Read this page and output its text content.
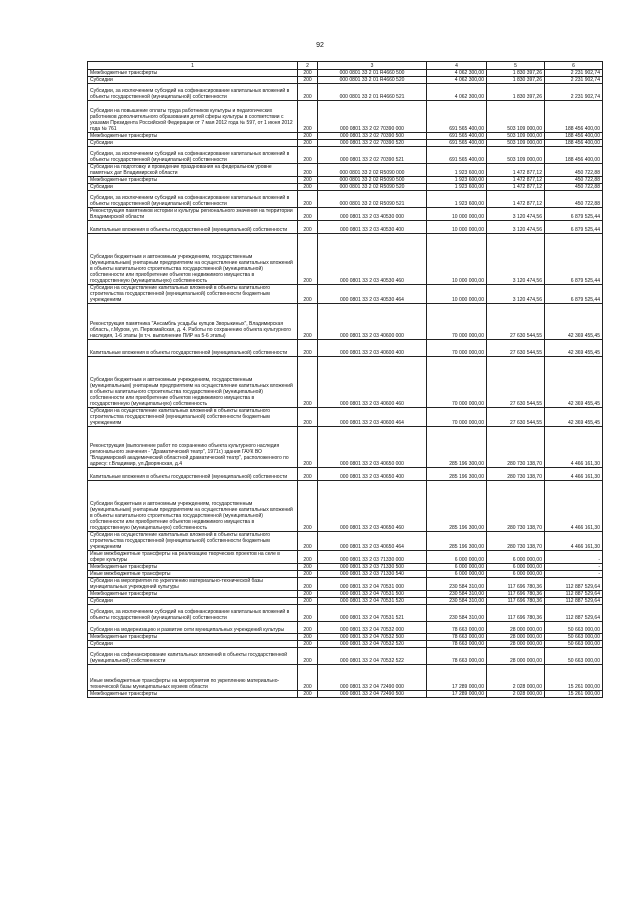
92
1	2	3	4	5	6
Межбюджетные трансферты	200	000 0801 33 2 01 R4660 500	4 062 300,00	1 830 397,26	2 231 902,74
Субсидии	200	000 0801 33 2 01 R4660 520	4 062 300,00	1 830 397,26	2 231 902,74
Субсидии, за исключением субсидий на софинансирование капитальных вложений в объекты государственной (муниципальной) собственности	200	000 0801 33 2 01 R4660 521	4 062 300,00	1 830 397,26	2 231 902,74
Субсидии на повышение оплаты труда работников культуры и педагогических работников дополнительного образования детей сферы культуры в соответствии с указами Президента Российской Федерации от 7 мая 2012 года № 597, от 1 июня 2012 года № 761	200	000 0801 33 2 02 70390 000	691 565 400,00	503 109 000,00	188 456 400,00
Межбюджетные трансферты	200	000 0801 33 2 02 70390 500	691 565 400,00	503 109 000,00	188 456 400,00
Субсидии	200	000 0801 33 2 02 70390 520	691 565 400,00	503 109 000,00	188 456 400,00
Субсидии, за исключением субсидий на софинансирование капитальных вложений в объекты государственной (муниципальной) собственности	200	000 0801 33 2 02 70390 521	691 565 400,00	503 109 000,00	188 456 400,00
Субсидии на подготовку и проведение празднования на федеральном уровне памятных дат Владимирской области	200	000 0801 33 2 02 R5090 000	1 923 600,00	1 472 877,12	450 722,88
Межбюджетные трансферты	200	000 0801 33 2 02 R5090 500	1 923 600,00	1 472 877,12	450 722,88
Субсидии	200	000 0801 33 2 02 R5090 520	1 923 600,00	1 472 877,12	450 722,88
Субсидии, за исключением субсидий на софинансирование капитальных вложений в объекты государственной (муниципальной) собственности	200	000 0801 33 2 02 R5090 521	1 923 600,00	1 472 877,12	450 722,88
Реконструкция памятников истории и культуры регионального значения на территории Владимирской области	200	000 0801 33 2 03 40530 000	10 000 000,00	3 120 474,56	6 879 525,44
Капитальные вложения в объекты государственной (муниципальной) собственности	200	000 0801 33 2 03 40530 400	10 000 000,00	3 120 474,56	6 879 525,44
Субсидии бюджетным и автономным учреждениям, государственным (муниципальным) унитарным предприятиям на осуществление капитальных вложений в объекты капитального строительства государственной (муниципальной) собственности или приобретение объектов недвижимого имущества в государственную (муниципальную) собственность	200	000 0801 33 2 03 40530 460	10 000 000,00	3 120 474,56	6 879 525,44
Субсидии на осуществление капитальных вложений в объекты капитального строительства государственной (муниципальной) собственности бюджетным учреждениям	200	000 0801 33 2 03 40530 464	10 000 000,00	3 120 474,56	6 879 525,44
Реконструкция памятника "Ансамбль усадьбы купцов Зворыкиных", Владимирская область, г.Муром, ул. Первомайская, д. 4. Работы по сохранению объекта культурного наследия, 1-6 этапы (в т.ч. выполнение ПИР на 5-6 этапы)	200	000 0801 33 2 03 40600 000	70 000 000,00	27 630 544,55	42 369 455,45
Капитальные вложения в объекты государственной (муниципальной) собственности	200	000 0801 33 2 03 40600 400	70 000 000,00	27 630 544,55	42 369 455,45
Субсидии бюджетным и автономным учреждениям, государственным (муниципальным) унитарным предприятиям на осуществление капитальных вложений в объекты капитального строительства государственной (муниципальной) собственности или приобретение объектов недвижимого имущества в государственную (муниципальную) собственность	200	000 0801 33 2 03 40600 460	70 000 000,00	27 630 544,55	42 369 455,45
Субсидии на осуществление капитальных вложений в объекты капитального строительства государственной (муниципальной) собственности бюджетным учреждениям	200	000 0801 33 2 03 40600 464	70 000 000,00	27 630 544,55	42 369 455,45
Реконструкция (выполнение работ по сохранению объекта культурного наследия регионального значения - "Драматический театр", 1971г.) здания ГАУК ВО "Владимирский академический областной драматический театр", расположенного по адресу: г.Владимир, ул.Дворянская, д.4	200	000 0801 33 2 03 40650 000	285 196 300,00	280 730 138,70	4 466 161,30
Капитальные вложения в объекты государственной (муниципальной) собственности	200	000 0801 33 2 03 40650 400	285 196 300,00	280 730 138,70	4 466 161,30
Субсидии бюджетным и автономным учреждениям, государственным (муниципальным) унитарным предприятиям на осуществление капитальных вложений в объекты капитального строительства государственной (муниципальной) собственности или приобретение объектов недвижимого имущества в государственную (муниципальную) собственность	200	000 0801 33 2 03 40650 460	285 196 300,00	280 730 138,70	4 466 161,30
Субсидии на осуществление капитальных вложений в объекты капитального строительства государственной (муниципальной) собственности бюджетным учреждениям	200	000 0801 33 2 03 40650 464	285 196 300,00	280 730 138,70	4 466 161,30
Иные межбюджетные трансферты на реализацию творческих проектов на селе в сфере культуры	200	000 0801 33 2 03 71330 000	6 000 000,00	6 000 000,00	-
Межбюджетные трансферты	200	000 0801 33 2 03 71330 500	6 000 000,00	6 000 000,00	-
Иные межбюджетные трансферты	200	000 0801 33 2 03 71330 540	6 000 000,00	6 000 000,00	-
Субсидии на мероприятия по укреплению материально-технической базы муниципальных учреждений культуры	200	000 0801 33 2 04 70531 000	230 584 310,00	117 696 780,36	112 887 529,64
Межбюджетные трансферты	200	000 0801 33 2 04 70531 500	230 584 310,00	117 696 780,36	112 887 529,64
Субсидии	200	000 0801 33 2 04 70531 520	230 584 310,00	117 696 780,36	112 887 529,64
Субсидии, за исключением субсидий на софинансирование капитальных вложений в объекты государственной (муниципальной) собственности	200	000 0801 33 2 04 70531 521	230 584 310,00	117 696 780,36	112 887 529,64
Субсидии на модернизацию и развитие сети муниципальных учреждений культуры	200	000 0801 33 2 04 70532 000	78 663 000,00	28 000 000,00	50 663 000,00
Межбюджетные трансферты	200	000 0801 33 2 04 70532 500	78 663 000,00	28 000 000,00	50 663 000,00
Субсидии	200	000 0801 33 2 04 70532 520	78 663 000,00	28 000 000,00	50 663 000,00
Субсидии на софинансирование капитальных вложений в объекты государственной (муниципальной) собственности	200	000 0801 33 2 04 70532 522	78 663 000,00	28 000 000,00	50 663 000,00
Иные межбюджетные трансферты на мероприятия по укреплению материально-технической базы муниципальных музеев области	200	000 0801 33 2 04 72490 000	17 289 000,00	2 028 000,00	15 261 000,00
Межбюджетные трансферты	200	000 0801 33 2 04 72490 500	17 289 000,00	2 028 000,00	15 261 000,00
